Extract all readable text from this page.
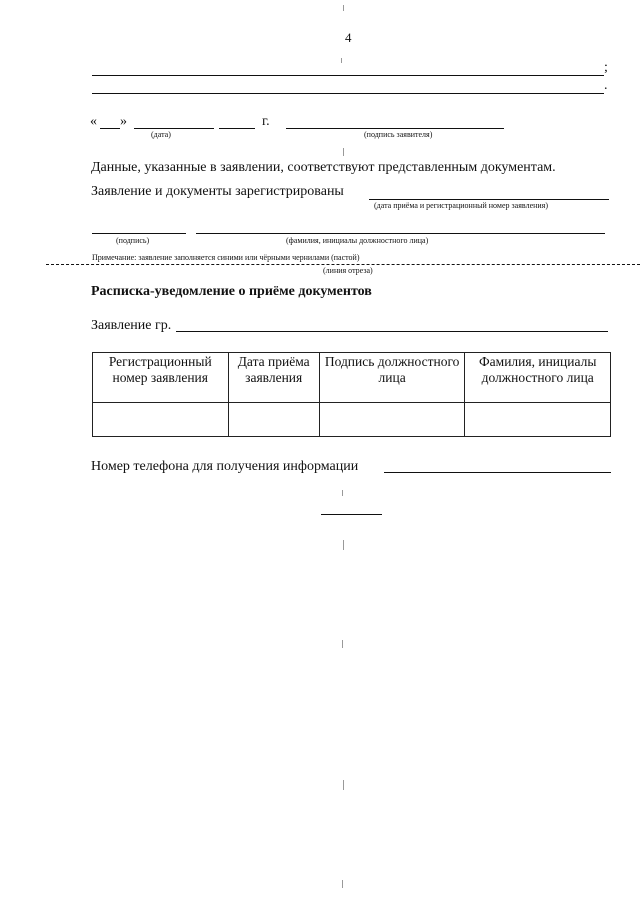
4
;
.
« »	г.
(дата)	(подпись заявителя)
Данные, указанные в заявлении, соответствуют представленным документам.
Заявление и документы зарегистрированы
(дата приёма и регистрационный номер заявления)
(подпись)	(фамилия, инициалы должностного лица)
Примечание: заявление заполняется синими или чёрными чернилами (пастой)
(линия отреза)
Расписка-уведомление о приёме документов
Заявление гр.
Регистрационный номер заявления	Дата приёма заявления	Подпись должностного лица	Фамилия, инициалы должностного лица

Номер телефона для получения информации
